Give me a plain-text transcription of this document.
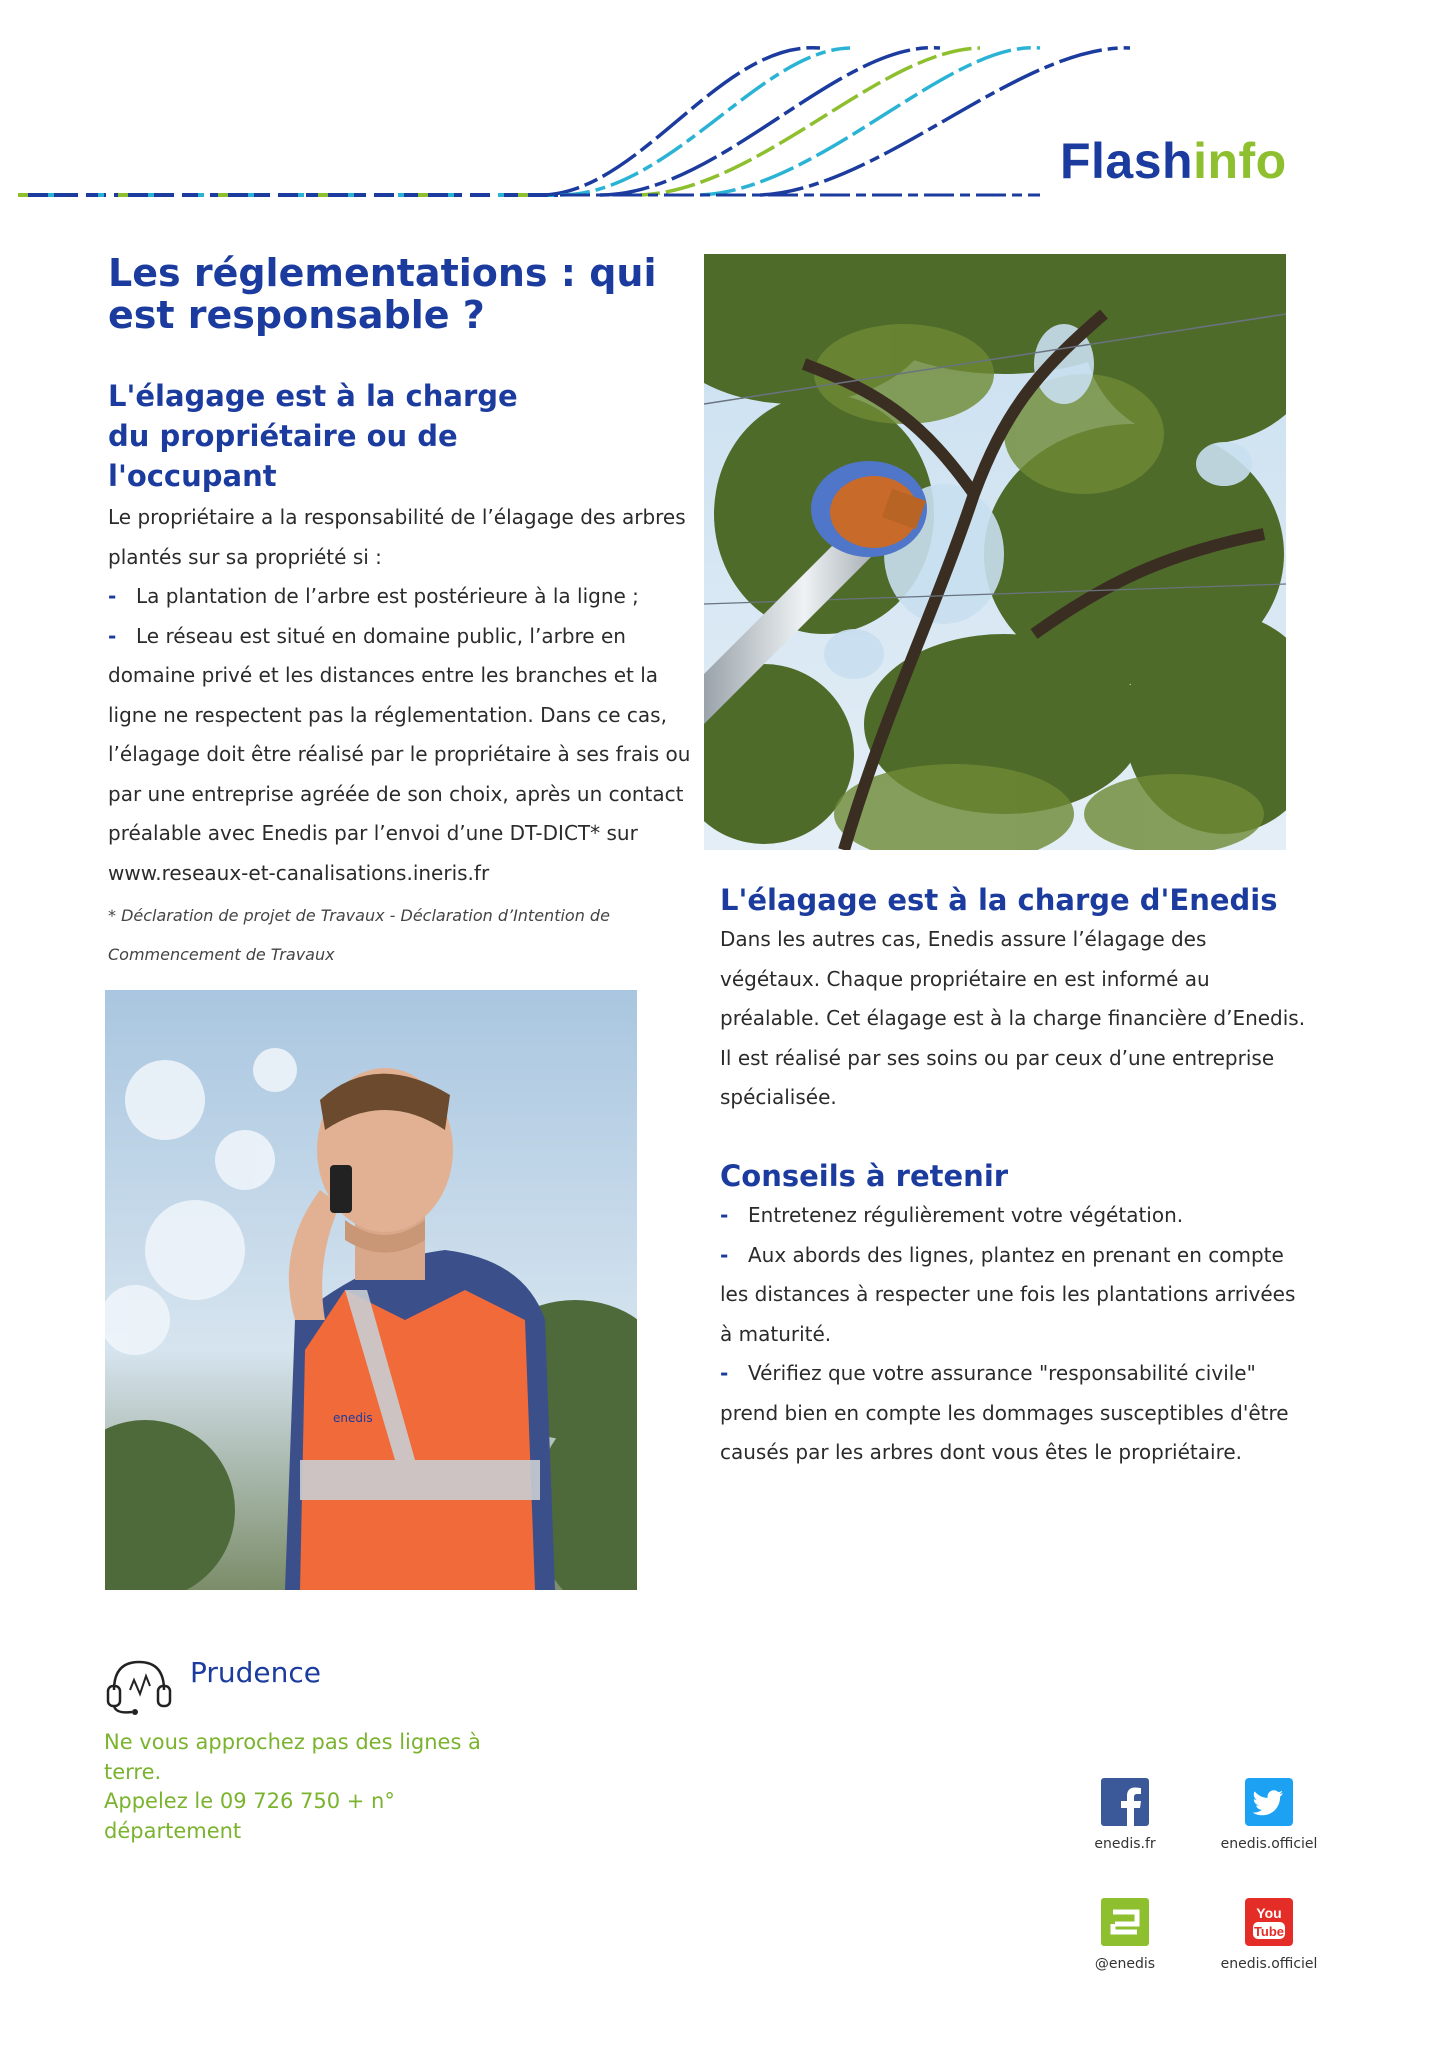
Flashinfo
Les réglementations : qui est responsable ?
L'élagage est à la charge du propriétaire ou de l'occupant

Le propriétaire a la responsabilité de l’élagage des arbres plantés sur sa propriété si :

- La plantation de l’arbre est postérieure à la ligne ;

- Le réseau est situé en domaine public, l’arbre en domaine privé et les distances entre les branches et la ligne ne respectent pas la réglementation. Dans ce cas, l’élagage doit être réalisé par le propriétaire à ses frais ou par une entreprise agréée de son choix, après un contact préalable avec Enedis par l’envoi d’une DT-DICT* sur www.reseaux-et-canalisations.ineris.fr

* Déclaration de projet de Travaux - Déclaration d’Intention de Commencement de Travaux
enedis
L'élagage est à la charge d'Enedis

Dans les autres cas, Enedis assure l’élagage des végétaux. Chaque propriétaire en est informé au préalable. Cet élagage est à la charge financière d’Enedis. Il est réalisé par ses soins ou par ceux d’une entreprise spécialisée.

Conseils à retenir

- Entretenez régulièrement votre végétation.

- Aux abords des lignes, plantez en prenant en compte les distances à respecter une fois les plantations arrivées à maturité.

- Vérifiez que votre assurance "responsabilité civile" prend bien en compte les dommages susceptibles d'être causés par les arbres dont vous êtes le propriétaire.

Prudence
Ne vous approchez pas des lignes à terre.
Appelez le 09 726 750 + n° département
enedis.fr	enedis.officiel
@enedis
You
Tube
enedis.officiel
